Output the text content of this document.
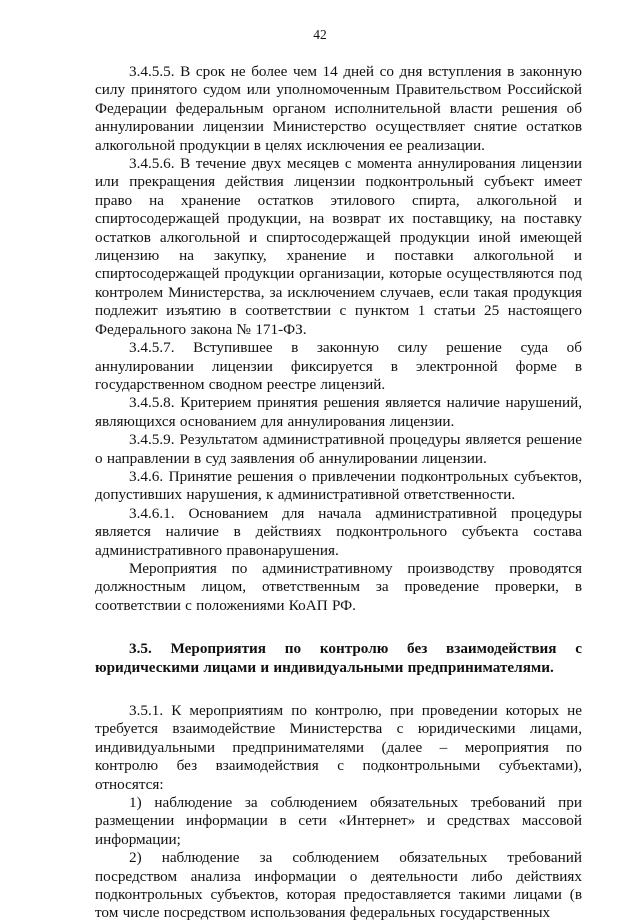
42

3.4.5.5. В срок не более чем 14 дней со дня вступления в законную силу принятого судом или уполномоченным Правительством Российской Федерации федеральным органом исполнительной власти решения об аннулировании лицензии Министерство осуществляет снятие остатков алкогольной продукции в целях исключения ее реализации.

3.4.5.6. В течение двух месяцев с момента аннулирования лицензии или прекращения действия лицензии подконтрольный субъект имеет право на хранение остатков этилового спирта, алкогольной и спиртосодержащей продукции, на возврат их поставщику, на поставку остатков алкогольной и спиртосодержащей продукции иной имеющей лицензию на закупку, хранение и поставки алкогольной и спиртосодержащей продукции организации, которые осуществляются под контролем Министерства, за исключением случаев, если такая продукция подлежит изъятию в соответствии с пунктом 1 статьи 25 настоящего Федерального закона № 171-ФЗ.

3.4.5.7. Вступившее в законную силу решение суда об аннулировании лицензии фиксируется в электронной форме в государственном сводном реестре лицензий.

3.4.5.8. Критерием принятия решения является наличие нарушений, являющихся основанием для аннулирования лицензии.

3.4.5.9. Результатом административной процедуры является решение о направлении в суд заявления об аннулировании лицензии.

3.4.6. Принятие решения о привлечении подконтрольных субъектов, допустивших нарушения, к административной ответственности.

3.4.6.1. Основанием для начала административной процедуры является наличие в действиях подконтрольного субъекта состава административного правонарушения.

Мероприятия по административному производству проводятся должностным лицом, ответственным за проведение проверки, в соответствии с положениями КоАП РФ.

3.5. Мероприятия по контролю без взаимодействия с юридическими лицами и индивидуальными предпринимателями.

3.5.1. К мероприятиям по контролю, при проведении которых не требуется взаимодействие Министерства с юридическими лицами, индивидуальными предпринимателями (далее – мероприятия по контролю без взаимодействия с подконтрольными субъектами), относятся:

1) наблюдение за соблюдением обязательных требований при размещении информации в сети «Интернет» и средствах массовой информации;

2) наблюдение за соблюдением обязательных требований посредством анализа информации о деятельности либо действиях подконтрольных субъектов, которая предоставляется такими лицами (в том числе посредством использования федеральных государственных
